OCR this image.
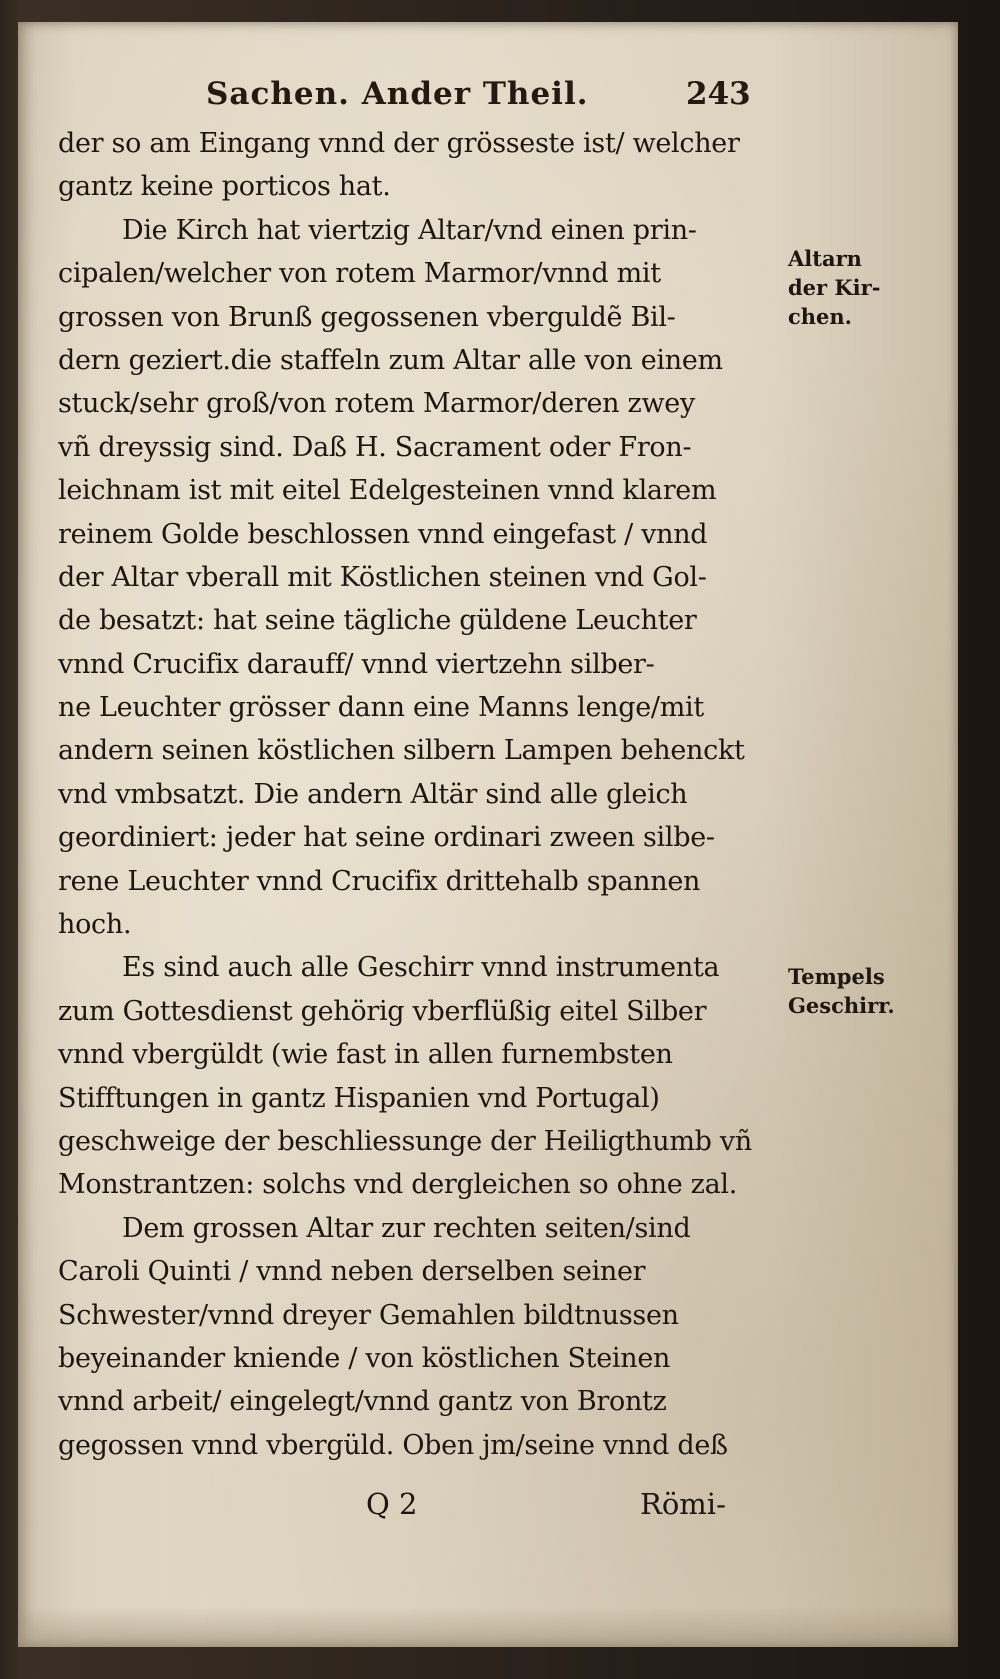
Sachen. Ander Theil.	243
der so am Eingang vnnd der grösseste ist/ welcher
gantz keine porticos hat.
Die Kirch hat viertzig Altar/vnd einen prin-
cipalen/welcher von rotem Marmor/vnnd mit
grossen von Brunß gegossenen vberguldẽ Bil-
dern geziert.die staffeln zum Altar alle von einem
stuck/sehr groß/von rotem Marmor/deren zwey
vñ dreyssig sind. Daß H. Sacrament oder Fron-
leichnam ist mit eitel Edelgesteinen vnnd klarem
reinem Golde beschlossen vnnd eingefast / vnnd
der Altar vberall mit Köstlichen steinen vnd Gol-
de besatzt: hat seine tägliche güldene Leuchter
vnnd Crucifix darauff/ vnnd viertzehn silber-
ne Leuchter grösser dann eine Manns lenge/mit
andern seinen köstlichen silbern Lampen behenckt
vnd vmbsatzt. Die andern Altär sind alle gleich
geordiniert: jeder hat seine ordinari zween silbe-
rene Leuchter vnnd Crucifix drittehalb spannen
hoch.
Es sind auch alle Geschirr vnnd instrumenta
zum Gottesdienst gehörig vberflüßig eitel Silber
vnnd vbergüldt (wie fast in allen furnembsten
Stifftungen in gantz Hispanien vnd Portugal)
geschweige der beschliessunge der Heiligthumb vñ
Monstrantzen: solchs vnd dergleichen so ohne zal.
Dem grossen Altar zur rechten seiten/sind
Caroli Quinti / vnnd neben derselben seiner
Schwester/vnnd dreyer Gemahlen bildtnussen
beyeinander kniende / von köstlichen Steinen
vnnd arbeit/ eingelegt/vnnd gantz von Brontz
gegossen vnnd vbergüld. Oben jm/seine vnnd deß
Altarn
der Kir-
chen.
Tempels
Geschirr.
Q 2	Römi-
